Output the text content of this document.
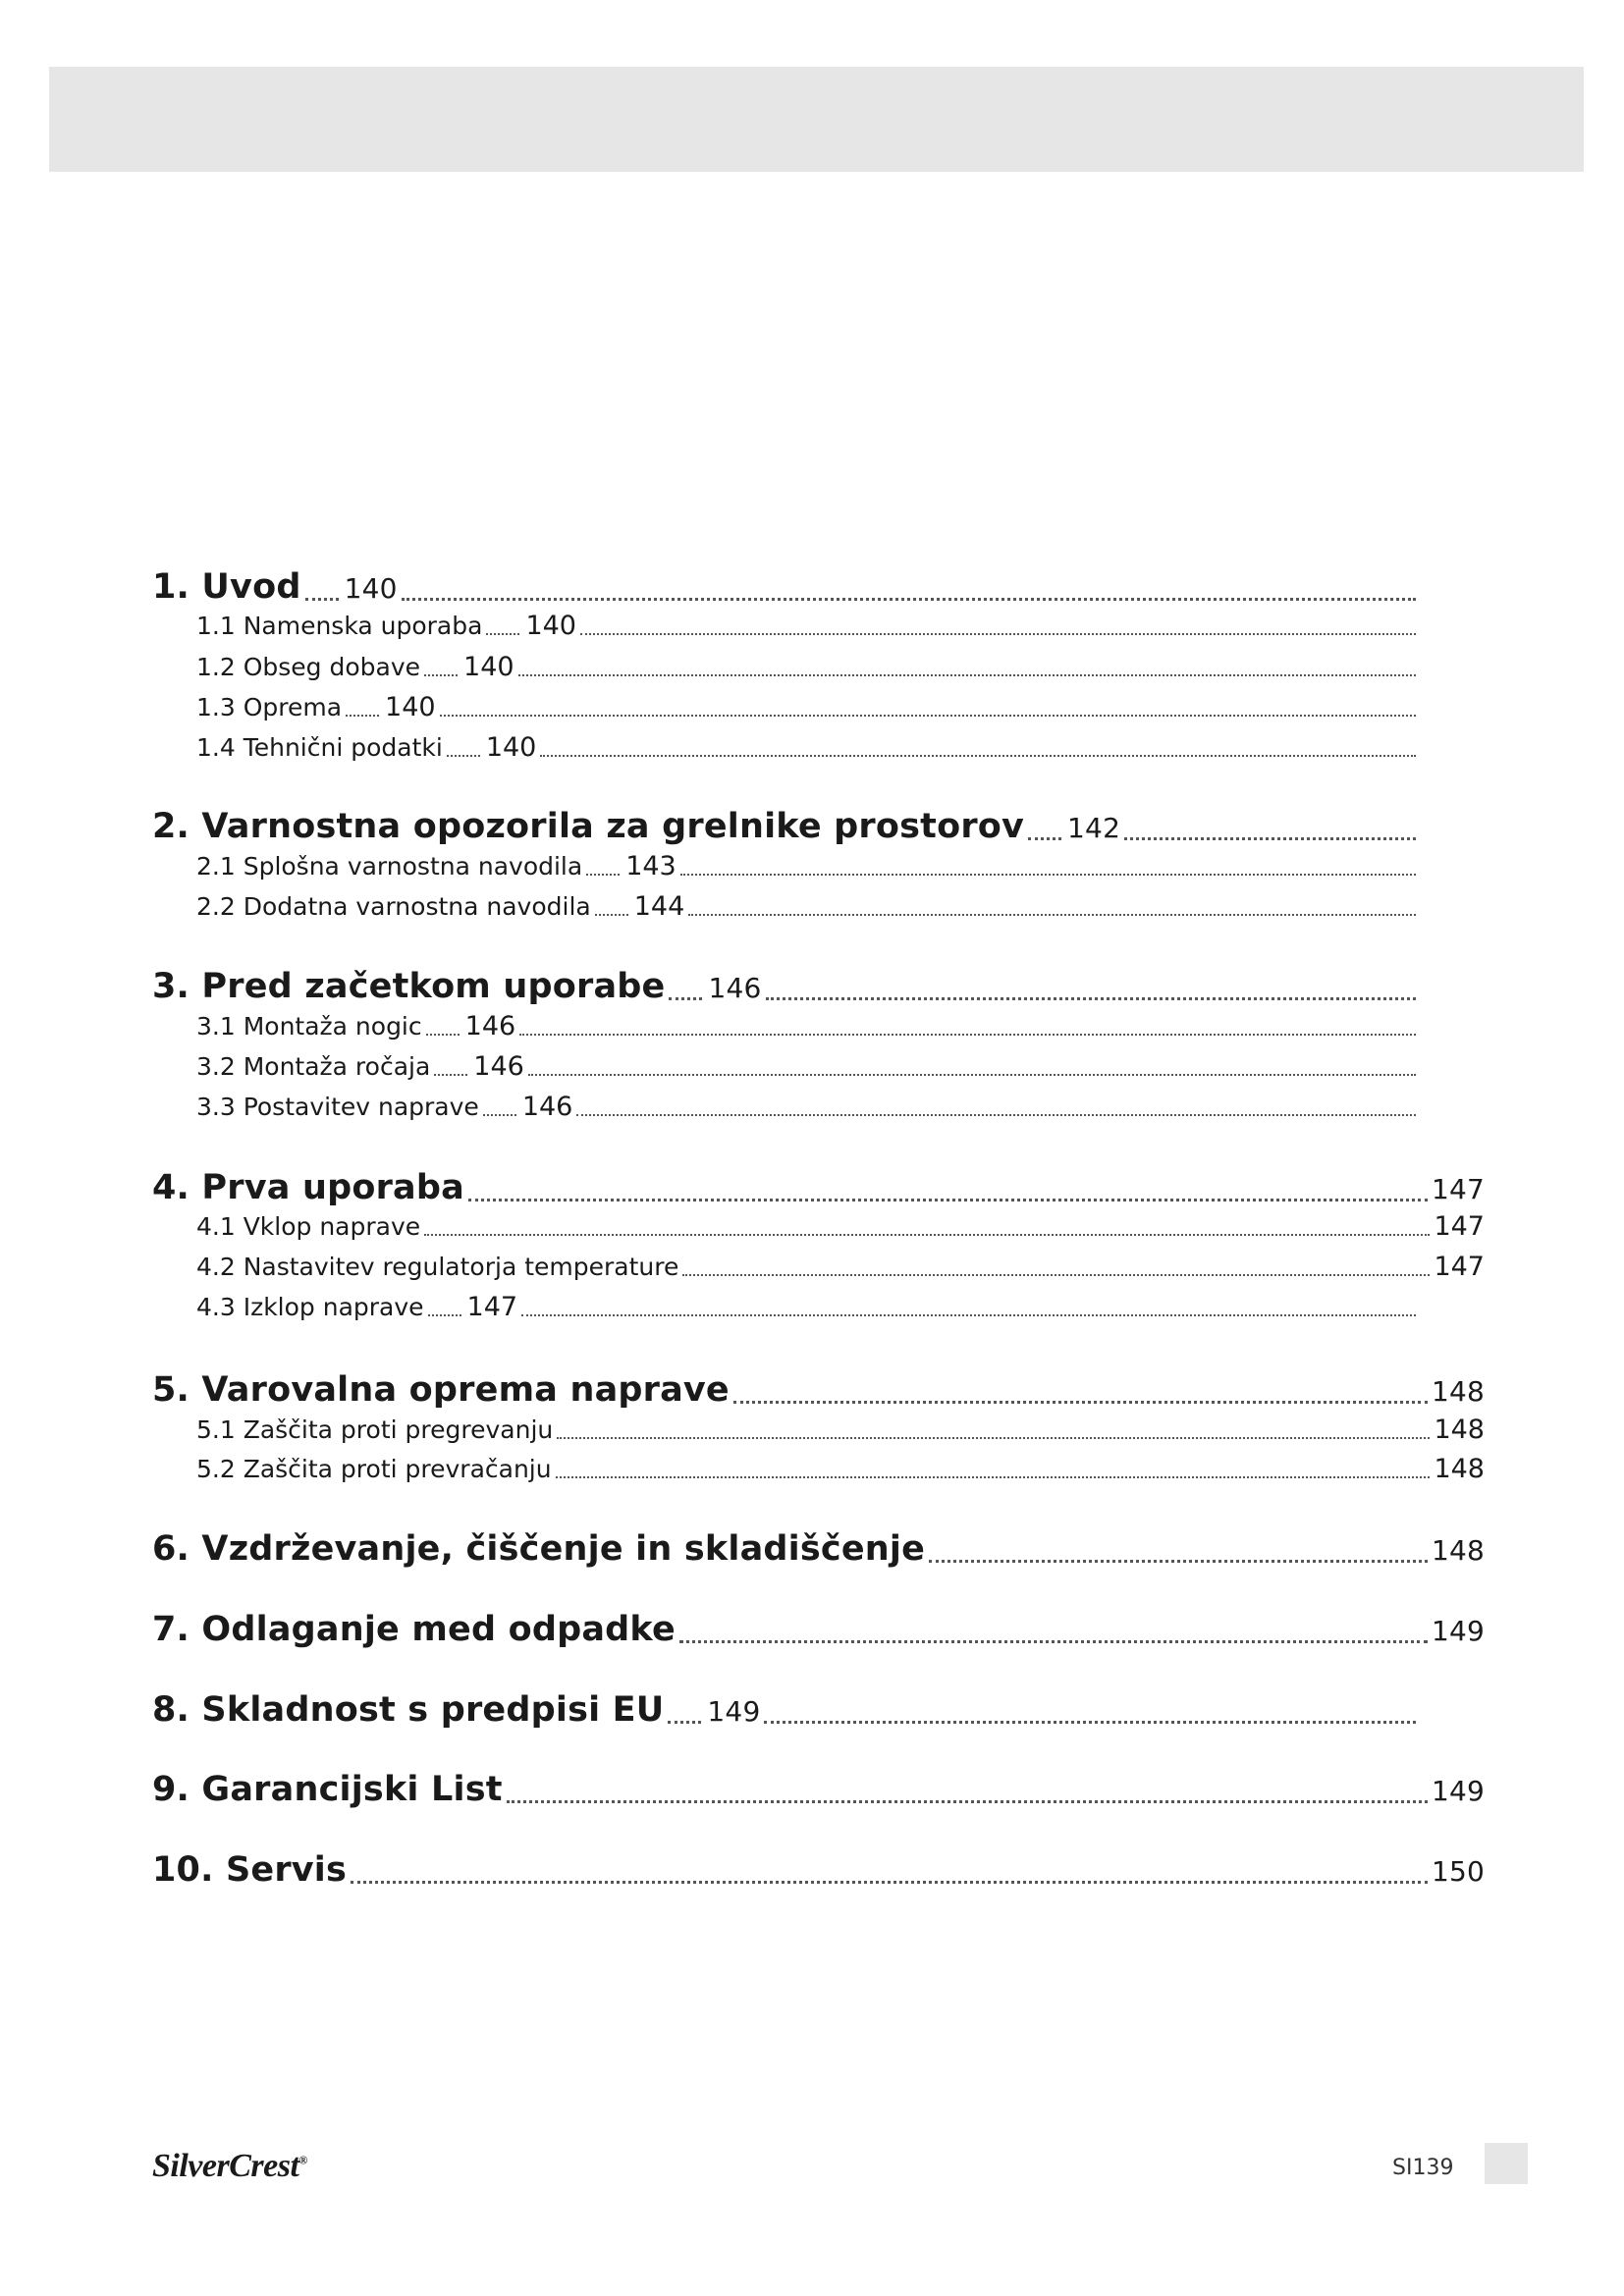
1. Uvod 140
1.1 Namenska uporaba 140
1.2 Obseg dobave 140
1.3 Oprema 140
1.4 Tehnični podatki 140
2. Varnostna opozorila za grelnike prostorov 142
2.1 Splošna varnostna navodila 143
2.2 Dodatna varnostna navodila 144
3. Pred začetkom uporabe 146
3.1 Montaža nogic 146
3.2 Montaža ročaja 146
3.3 Postavitev naprave 146
4. Prva uporaba	147
4.1 Vklop naprave	147
4.2 Nastavitev regulatorja temperature	147
4.3 Izklop naprave 147
5. Varovalna oprema naprave	148
5.1 Zaščita proti pregrevanju	148
5.2 Zaščita proti prevračanju	148
6. Vzdrževanje, čiščenje in skladiščenje	148
7. Odlaganje med odpadke	149
8. Skladnost s predpisi EU 149
9. Garancijski List	149
10. Servis	150
SilverCrest®	SI139
